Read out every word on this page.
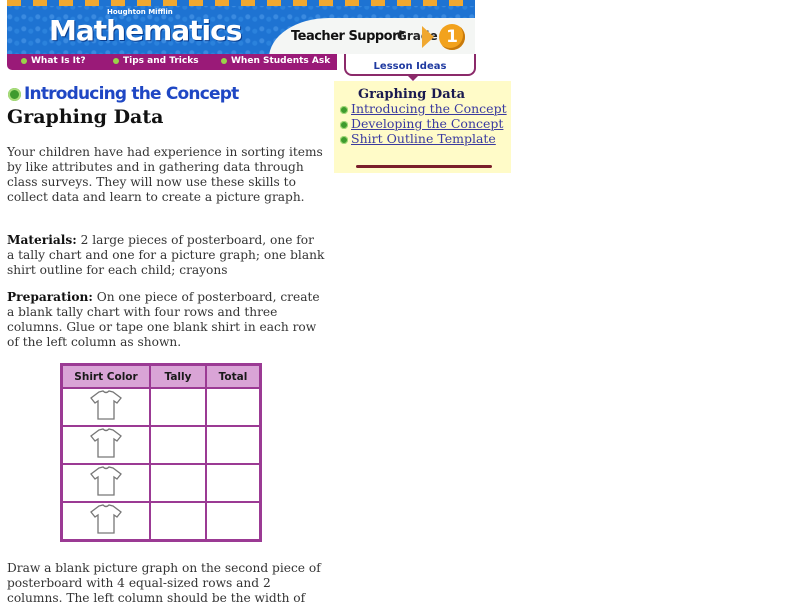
Houghton Mifflin
Mathematics	Teacher Support
Grade 1
What Is It?	Tips and Tricks	When Students Ask	Lesson Ideas
Introducing the Concept
Graphing Data

Your children have had experience in sorting items by like attributes and in gathering data through class surveys. They will now use these skills to collect data and learn to create a picture graph.

Materials: 2 large pieces of posterboard, one for a tally chart and one for a picture graph; one blank shirt outline for each child; crayons

Preparation: On one piece of posterboard, create a blank tally chart with four rows and three columns. Glue or tape one blank shirt in each row of the left column as shown.

Shirt Color	Tally	Total

Draw a blank picture graph on the second piece of posterboard with 4 equal-sized rows and 2 columns. The left column should be the width of

Graphing Data
Introducing the Concept
Developing the Concept
Shirt Outline Template
